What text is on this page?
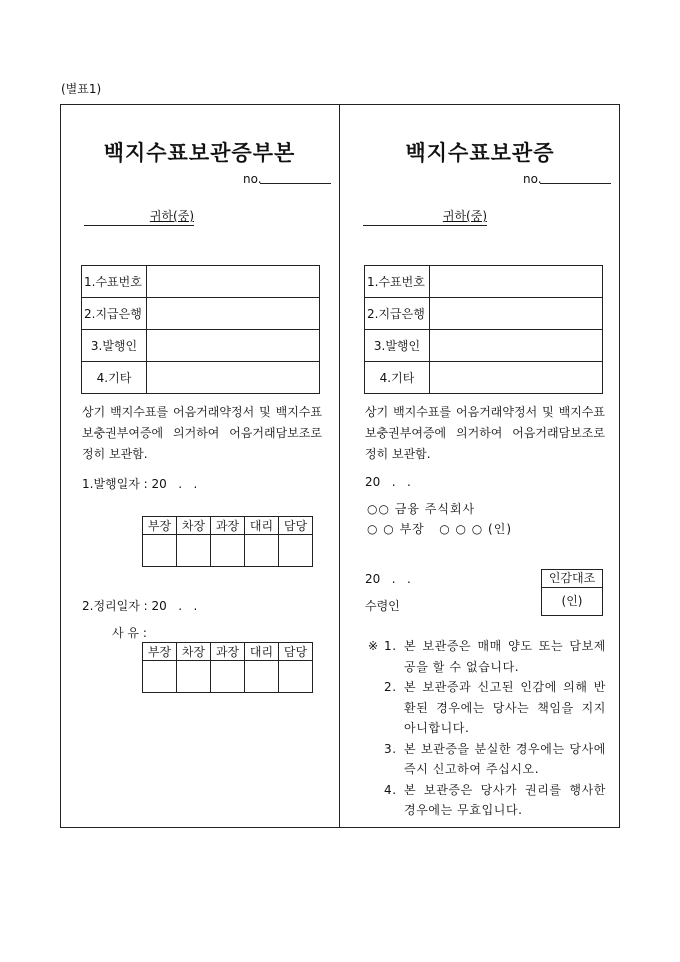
(별표1)
백지수표보관증부본
no.
귀하(중)
1.수표번호	
2.지급은행	
3.발행인	
4.기타	
상기 백지수표를 어음거래약정서 및 백지수표보충권부여증에 의거하여 어음거래담보조로 정히 보관함.
1.발행일자 : 20   .   .
부장	차장	과장	대리	담당

2.정리일자 : 20   .   .
사 유 :
부장	차장	과장	대리	담당

백지수표보관증
no.
귀하(중)
1.수표번호	
2.지급은행	
3.발행인	
4.기타	
상기 백지수표를 어음거래약정서 및 백지수표보충권부여증에 의거하여 어음거래담보조로 정히 보관함.
20   .   .
○○ 금융 주식회사
○ ○ 부장   ○ ○ ○ (인)
20   .   .
수령인
인감대조
(인)
※ 1. 본 보관증은 매매 양도 또는 담보제공을 할 수 없습니다.
2. 본 보관증과 신고된 인감에 의해 반환된 경우에는 당사는 책임을 지지 아니합니다.
3. 본 보관증을 분실한 경우에는 당사에 즉시 신고하여 주십시오.
4. 본 보관증은 당사가 권리를 행사한 경우에는 무효입니다.
